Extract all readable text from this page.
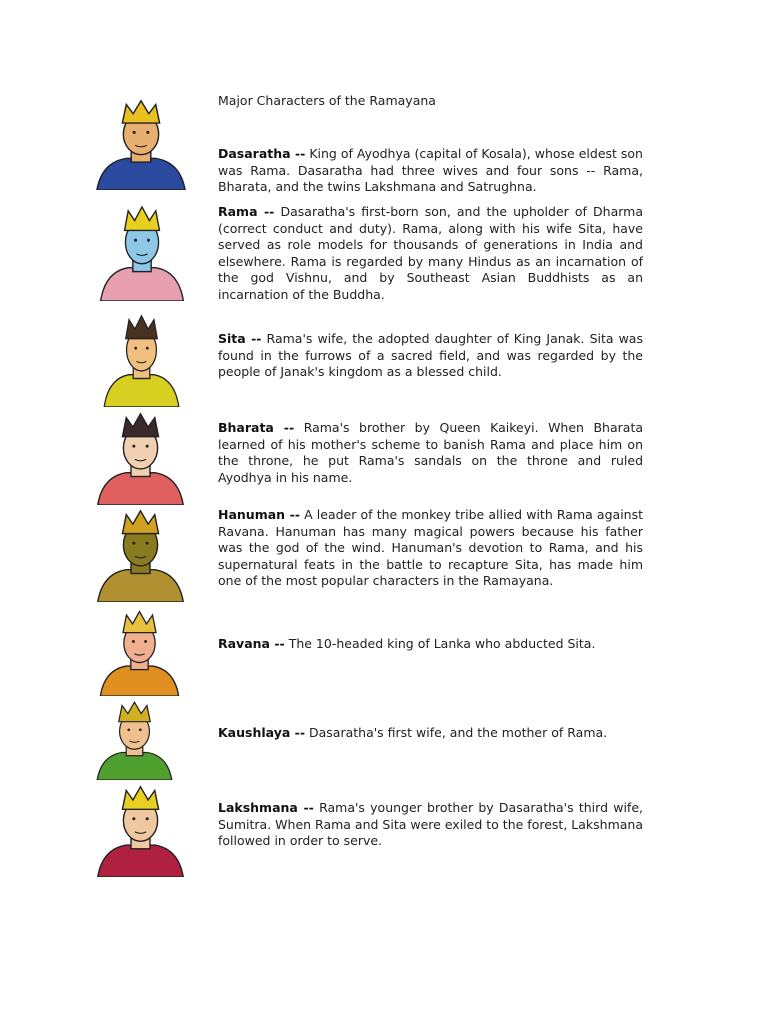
Major Characters of the Ramayana
Dasaratha -- King of Ayodhya (capital of Kosala), whose eldest son was Rama. Dasaratha had three wives and four sons -- Rama, Bharata, and the twins Lakshmana and Satrughna.
Rama -- Dasaratha's first-born son, and the upholder of Dharma (correct conduct and duty). Rama, along with his wife Sita, have served as role models for thousands of generations in India and elsewhere. Rama is regarded by many Hindus as an incarnation of the god Vishnu, and by Southeast Asian Buddhists as an incarnation of the Buddha.
Sita -- Rama's wife, the adopted daughter of King Janak. Sita was found in the furrows of a sacred field, and was regarded by the people of Janak's kingdom as a blessed child.
Bharata -- Rama's brother by Queen Kaikeyi. When Bharata learned of his mother's scheme to banish Rama and place him on the throne, he put Rama's sandals on the throne and ruled Ayodhya in his name.
Hanuman -- A leader of the monkey tribe allied with Rama against Ravana. Hanuman has many magical powers because his father was the god of the wind. Hanuman's devotion to Rama, and his supernatural feats in the battle to recapture Sita, has made him one of the most popular characters in the Ramayana.
Ravana -- The 10-headed king of Lanka who abducted Sita.
Kaushlaya -- Dasaratha's first wife, and the mother of Rama.
Lakshmana -- Rama's younger brother by Dasaratha's third wife, Sumitra. When Rama and Sita were exiled to the forest, Lakshmana followed in order to serve.
